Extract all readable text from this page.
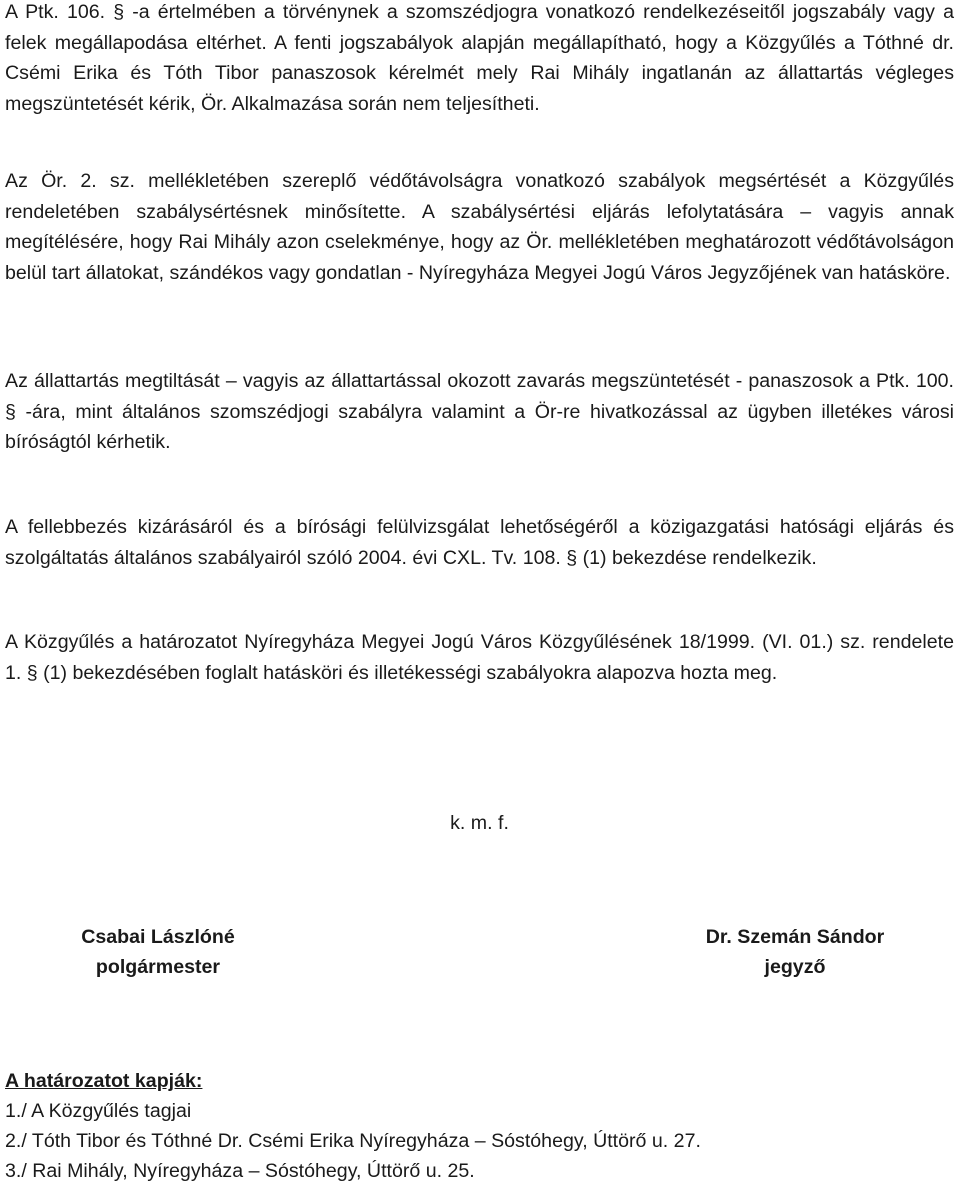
A Ptk. 106. § -a értelmében a törvénynek a szomszédjogra vonatkozó rendelkezéseitől jogszabály vagy a felek megállapodása eltérhet. A fenti jogszabályok alapján megállapítható, hogy a Közgyűlés a Tóthné dr. Csémi Erika és Tóth Tibor panaszosok kérelmét mely Rai Mihály ingatlanán az állattartás végleges megszüntetését kérik, Ör. Alkalmazása során nem teljesítheti.

Az Ör. 2. sz. mellékletében szereplő védőtávolságra vonatkozó szabályok megsértését a Közgyűlés rendeletében szabálysértésnek minősítette. A szabálysértési eljárás lefolytatására – vagyis annak megítélésére, hogy Rai Mihály azon cselekménye, hogy az Ör. mellékletében meghatározott védőtávolságon belül tart állatokat, szándékos vagy gondatlan - Nyíregyháza Megyei Jogú Város Jegyzőjének van hatásköre.

Az állattartás megtiltását – vagyis az állattartással okozott zavarás megszüntetését - panaszosok a Ptk. 100. § -ára, mint általános szomszédjogi szabályra valamint a Ör-re hivatkozással az ügyben illetékes városi bíróságtól kérhetik.

A fellebbezés kizárásáról és a bírósági felülvizsgálat lehetőségéről a közigazgatási hatósági eljárás és szolgáltatás általános szabályairól szóló 2004. évi CXL. Tv. 108. § (1) bekezdése rendelkezik.

A Közgyűlés a határozatot Nyíregyháza Megyei Jogú Város Közgyűlésének 18/1999. (VI. 01.) sz. rendelete 1. § (1) bekezdésében foglalt hatásköri és illetékességi szabályokra alapozva hozta meg.

k. m. f.

Csabai Lászlóné
polgármester
Dr. Szemán Sándor
jegyző

A határozatot kapják:

1./ A Közgyűlés tagjai
2./ Tóth Tibor és Tóthné Dr. Csémi Erika Nyíregyháza – Sóstóhegy, Úttörő u. 27.
3./ Rai Mihály, Nyíregyháza – Sóstóhegy, Úttörő u. 25.
